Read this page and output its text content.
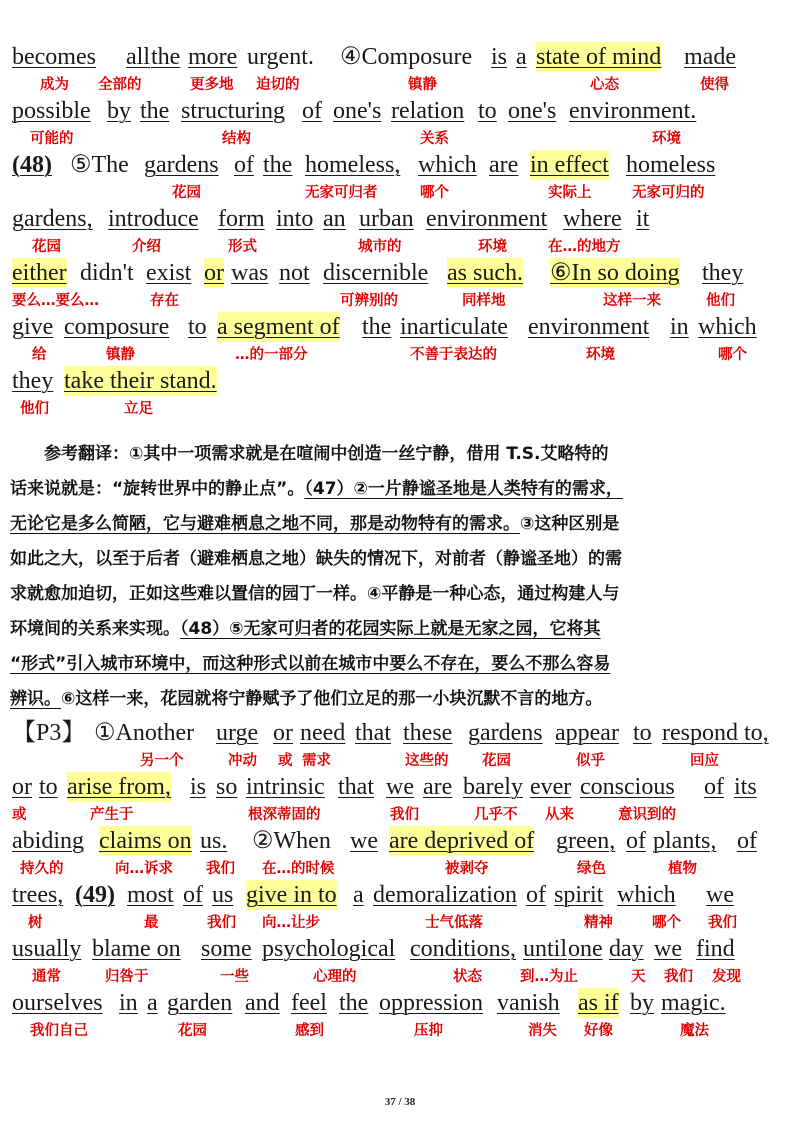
becomes
成为
all
全部的
the more
更多地
urgent.
迫切的
④Composure
镇静
is a state of mind
心态
made
使得
possible
可能的
by the structuring
结构
of one's relation
关系
to one's environment.
环境
(48) ⑤The gardens
花园
of the homeless,
无家可归者
which
哪个
are in effect
实际上
homeless
无家可归的
gardens,
花园
introduce
介绍
form
形式
into an urban
城市的
environment
环境
where
在…的地方
it
either
要么…要么…
didn't
存在
exist or was not discernible
可辨别的
as such.
同样地
⑥In so doing
这样一来
they
他们
give
给
composure
镇静
to a segment of
…的一部分
the inarticulate
不善于表达的
environment
环境
in which
哪个
they
他们
take their stand.
立足
【P3】 ①Another
另一个
urge
冲动
or
或
need
需求
that these
这些的
gardens
花园
appear
似乎
to respond to,
回应
or
或
to arise from,
产生于
is so intrinsic
根深蒂固的
that we
我们
are barely
几乎不
ever
从来
conscious
意识到的
of its
abiding
持久的
claims on
向…诉求
us.
我们
②When
在…的时候
we are deprived of
被剥夺
green,
绿色
of plants,
植物
of
trees,
树
(49) most
最
of us
我们
give in to
向…让步
a demoralization
士气低落
of spirit
精神
which
哪个
we
我们
usually
通常
blame on
归咎于
some
一些
psychological
心理的
conditions,
状态
until
到…为止
one day
天
we
我们
find
发现
ourselves
我们自己
in a garden
花园
and feel
感到
the oppression
压抑
vanish
消失
as if
好像
by magic.
魔法
　　参考翻译：①其中一项需求就是在喧闹中创造一丝宁静，借用 T.S.艾略特的
话来说就是：“旋转世界中的静止点”。（47）②一片静谧圣地是人类特有的需求，
无论它是多么简陋，它与避难栖息之地不同，那是动物特有的需求。③这种区别是
如此之大，以至于后者（避难栖息之地）缺失的情况下，对前者（静谧圣地）的需
求就愈加迫切，正如这些难以置信的园丁一样。④平静是一种心态，通过构建人与
环境间的关系来实现。（48）⑤无家可归者的花园实际上就是无家之园，它将其
“形式”引入城市环境中，而这种形式以前在城市中要么不存在，要么不那么容易
辨识。⑥这样一来，花园就将宁静赋予了他们立足的那一小块沉默不言的地方。
37 / 38
